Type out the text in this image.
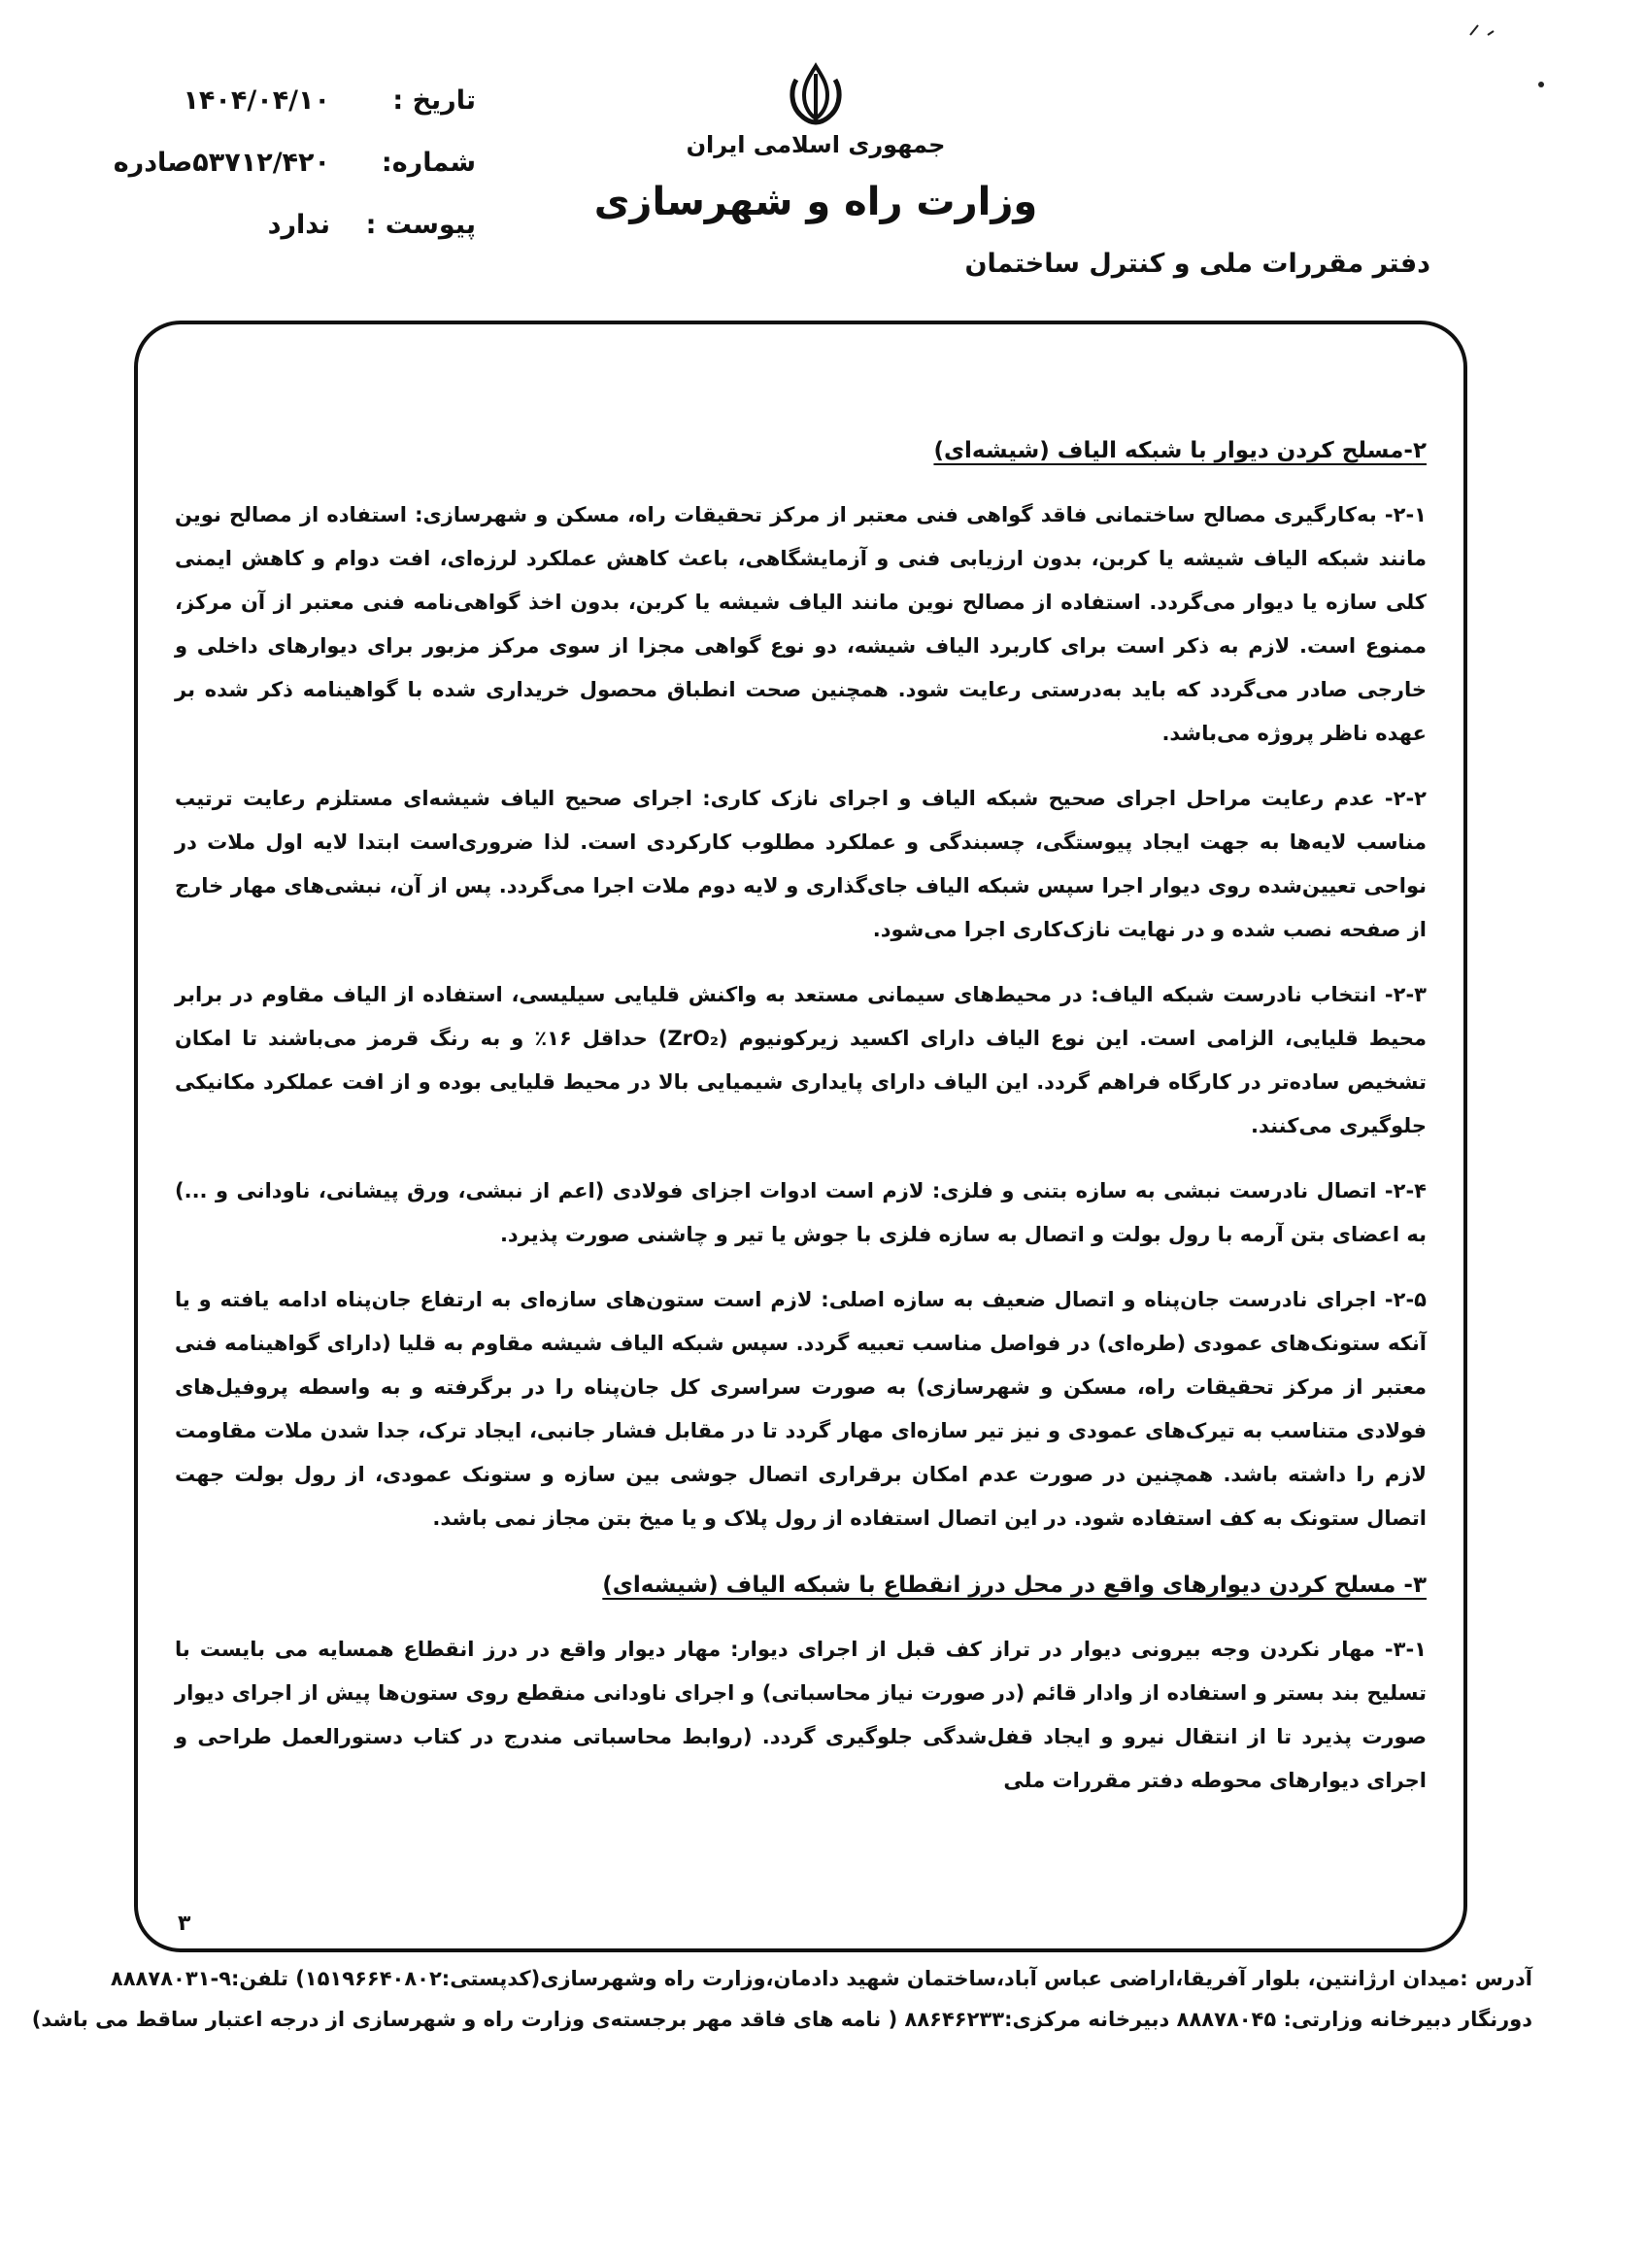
جمهوری اسلامی ایران
وزارت راه و شهرسازی
دفتر مقررات ملی و کنترل ساختمان
تاریخ :
۱۴۰۴/۰۴/۱۰
شماره:
۵۳۷۱۲/۴۲۰صادره
پیوست :
ندارد
۲-مسلح کردن دیوار با شبکه الیاف (شیشه‌ای)

۲-۱- به‌کارگیری مصالح ساختمانی فاقد گواهی فنی معتبر از مرکز تحقیقات راه، مسکن و شهرسازی: استفاده از مصالح نوین مانند شبکه الیاف شیشه یا کربن، بدون ارزیابی فنی و آزمایشگاهی، باعث کاهش عملکرد لرزه‌ای، افت دوام و کاهش ایمنی کلی سازه یا دیوار می‌گردد. استفاده از مصالح نوین مانند الیاف شیشه یا کربن، بدون اخذ گواهی‌نامه فنی معتبر از آن مرکز، ممنوع است. لازم به ذکر است برای کاربرد الیاف شیشه، دو نوع گواهی مجزا از سوی مرکز مزبور برای دیوارهای داخلی و خارجی صادر می‌گردد که باید به‌درستی رعایت شود. همچنین صحت انطباق محصول خریداری شده با گواهینامه ذکر شده بر عهده ناظر پروژه می‌باشد.

۲-۲- عدم رعایت مراحل اجرای صحیح شبکه الیاف و اجرای نازک کاری: اجرای صحیح الیاف شیشه‌ای مستلزم رعایت ترتیب مناسب لایه‌ها به جهت ایجاد پیوستگی، چسبندگی و عملکرد مطلوب کارکردی است. لذا ضروری‌است ابتدا لایه اول ملات در نواحی تعیین‌شده روی دیوار اجرا سپس شبکه الیاف جای‌گذاری و لایه دوم ملات اجرا می‌گردد. پس از آن، نبشی‌های مهار خارج از صفحه نصب شده و در نهایت نازک‌کاری اجرا می‌شود.

۲-۳- انتخاب نادرست شبکه الیاف: در محیط‌های سیمانی مستعد به واکنش قلیایی سیلیسی، استفاده از الیاف مقاوم در برابر محیط قلیایی، الزامی است. این نوع الیاف دارای اکسید زیرکونیوم (ZrO₂) حداقل ۱۶٪ و به رنگ قرمز می‌باشند تا امکان تشخیص ساده‌تر در کارگاه فراهم گردد. این الیاف دارای پایداری شیمیایی بالا در محیط قلیایی بوده و از افت عملکرد مکانیکی جلوگیری می‌کنند.

۲-۴- اتصال نادرست نبشی به سازه بتنی و فلزی: لازم است ادوات اجزای فولادی (اعم از نبشی، ورق پیشانی، ناودانی و ...) به اعضای بتن آرمه با رول بولت و اتصال به سازه فلزی با جوش یا تیر و چاشنی صورت پذیرد.

۲-۵- اجرای نادرست جان‌پناه و اتصال ضعیف به سازه اصلی: لازم است ستون‌های سازه‌ای به ارتفاع جان‌پناه ادامه یافته و یا آنکه ستونک‌های عمودی (طره‌ای) در فواصل مناسب تعبیه گردد. سپس شبکه الیاف شیشه مقاوم به قلیا (دارای گواهینامه فنی معتبر از مرکز تحقیقات راه، مسکن و شهرسازی) به صورت سراسری کل جان‌پناه را در برگرفته و به واسطه پروفیل‌های فولادی متناسب به تیرک‌های عمودی و نیز تیر سازه‌ای مهار گردد تا در مقابل فشار جانبی، ایجاد ترک، جدا شدن ملات مقاومت لازم را داشته باشد. همچنین در صورت عدم امکان برقراری اتصال جوشی بین سازه و ستونک عمودی، از رول بولت جهت اتصال ستونک به کف استفاده شود. در این اتصال استفاده از رول پلاک و یا میخ بتن مجاز نمی باشد.

۳- مسلح کردن دیوارهای واقع در محل درز انقطاع با شبکه الیاف (شیشه‌ای)

۳-۱- مهار نکردن وجه بیرونی دیوار در تراز کف قبل از اجرای دیوار: مهار دیوار واقع در درز انقطاع همسایه می بایست با تسلیح بند بستر و استفاده از وادار قائم (در صورت نیاز محاسباتی) و اجرای ناودانی منقطع روی ستون‌ها پیش از اجرای دیوار صورت پذیرد تا از انتقال نیرو و ایجاد قفل‌شدگی جلوگیری گردد. (روابط محاسباتی مندرج در کتاب دستورالعمل طراحی و اجرای دیوارهای محوطه دفتر مقررات ملی

۳
آدرس :میدان ارژانتین، بلوار آفریقا،اراضی عباس آباد،ساختمان شهید دادمان،وزارت راه وشهرسازی(کدپستی:۱۵۱۹۶۶۴۰۸۰۲) تلفن:۹-۸۸۸۷۸۰۳۱
دورنگار دبیرخانه وزارتی: ۸۸۸۷۸۰۴۵ دبیرخانه مرکزی:۸۸۶۴۶۲۳۳ ( نامه های فاقد مهر برجسته‌ی وزارت راه و شهرسازی از درجه اعتبار ساقط می باشد)
